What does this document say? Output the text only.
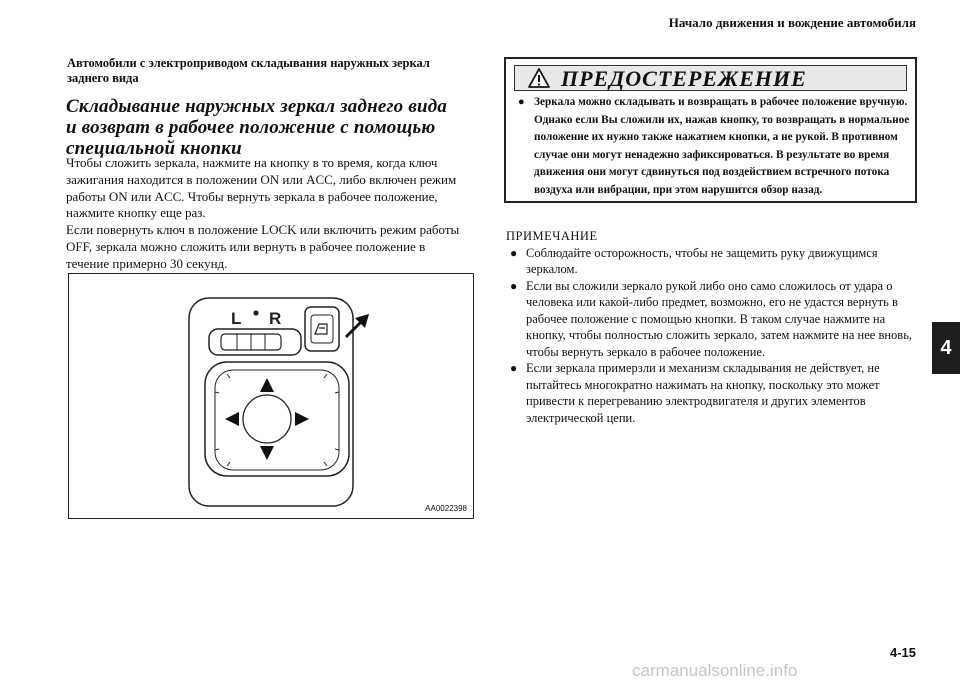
Начало движения и вождение автомобиля
4
Автомобили с электроприводом складывания наружных зеркал заднего вида
Складывание наружных зеркал заднего вида
и возврат в рабочее положение с помощью
специальной кнопки

Чтобы сложить зеркала, нажмите на кнопку в то время, когда ключ зажигания находится в положении ON или ACC, либо включен режим работы ON или ACC. Чтобы вернуть зеркала в рабочее положение, нажмите кнопку еще раз.

Если повернуть ключ в положение LOCK или включить режим работы OFF, зеркала можно сложить или вернуть в рабочее положение в течение примерно 30 секунд.

L R
AA0022398
ПРЕДОСТЕРЕЖЕНИЕ
● Зеркала можно складывать и возвращать в рабочее положение вручную. Однако если Вы сложили их, нажав кнопку, то возвращать в нормальное положение их нужно также нажатием кнопки, а не рукой. В противном случае они могут ненадежно зафиксироваться. В результате во время движения они могут сдвинуться под воздействием встречного потока воздуха или вибрации, при этом нарушится обзор назад.
ПРИМЕЧАНИЕ
● Соблюдайте осторожность, чтобы не защемить руку движущимся зеркалом.
● Если вы сложили зеркало рукой либо оно само сложилось от удара о человека или какой-либо предмет, возможно, его не удастся вернуть в рабочее положение с помощью кнопки. В таком случае нажмите на кнопку, чтобы полностью сложить зеркало, затем нажмите на нее вновь, чтобы вернуть зеркало в рабочее положение.
● Если зеркала примерзли и механизм складывания не действует, не пытайтесь многократно нажимать на кнопку, поскольку это может привести к перегреванию электродвигателя и других элементов электрической цепи.
4-15
carmanualsonline.info
